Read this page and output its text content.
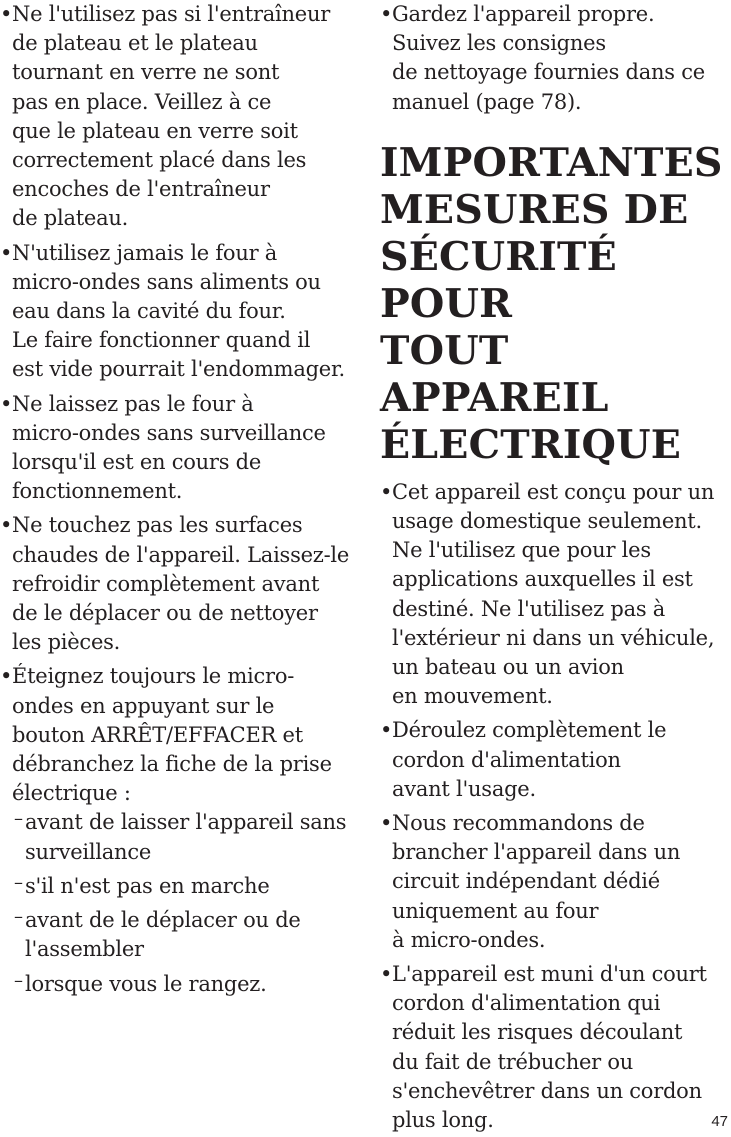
• Ne l'utilisez pas si l'entraîneur
de plateau et le plateau
tournant en verre ne sont
pas en place. Veillez à ce
que le plateau en verre soit
correctement placé dans les
encoches de l'entraîneur
de plateau.
• N'utilisez jamais le four à
micro-ondes sans aliments ou
eau dans la cavité du four.
Le faire fonctionner quand il
est vide pourrait l'endommager.
• Ne laissez pas le four à
micro-ondes sans surveillance
lorsqu'il est en cours de
fonctionnement.
• Ne touchez pas les surfaces
chaudes de l'appareil. Laissez-le
refroidir complètement avant
de le déplacer ou de nettoyer
les pièces.
• Éteignez toujours le micro-
ondes en appuyant sur le
bouton ARRÊT/EFFACER et
débranchez la fiche de la prise
électrique :
– avant de laisser l'appareil sans
surveillance
– s'il n'est pas en marche
– avant de le déplacer ou de
l'assembler
– lorsque vous le rangez.
• Gardez l'appareil propre.
Suivez les consignes
de nettoyage fournies dans ce
manuel (page 78).
IMPORTANTES
MESURES DE
SÉCURITÉ POUR
TOUT APPAREIL
ÉLECTRIQUE
• Cet appareil est conçu pour un
usage domestique seulement.
Ne l'utilisez que pour les
applications auxquelles il est
destiné. Ne l'utilisez pas à
l'extérieur ni dans un véhicule,
un bateau ou un avion
en mouvement.
• Déroulez complètement le
cordon d'alimentation
avant l'usage.
• Nous recommandons de
brancher l'appareil dans un
circuit indépendant dédié
uniquement au four
à micro-ondes.
• L'appareil est muni d'un court
cordon d'alimentation qui
réduit les risques découlant
du fait de trébucher ou
s'enchevêtrer dans un cordon
plus long.	47
